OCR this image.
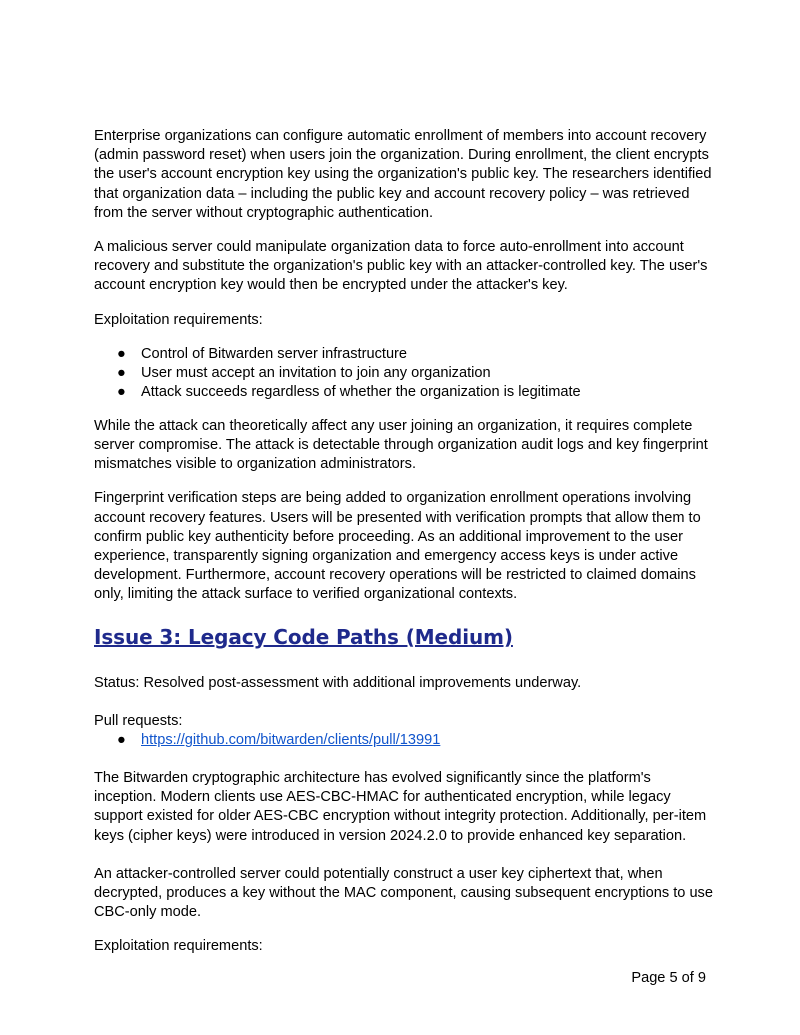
Enterprise organizations can configure automatic enrollment of members into account recovery (admin password reset) when users join the organization. During enrollment, the client encrypts the user's account encryption key using the organization's public key. The researchers identified that organization data – including the public key and account recovery policy – was retrieved from the server without cryptographic authentication.

A malicious server could manipulate organization data to force auto-enrollment into account recovery and substitute the organization's public key with an attacker-controlled key. The user's account encryption key would then be encrypted under the attacker's key.

Exploitation requirements:

● Control of Bitwarden server infrastructure
● User must accept an invitation to join any organization
● Attack succeeds regardless of whether the organization is legitimate

While the attack can theoretically affect any user joining an organization, it requires complete server compromise. The attack is detectable through organization audit logs and key fingerprint mismatches visible to organization administrators.

Fingerprint verification steps are being added to organization enrollment operations involving account recovery features. Users will be presented with verification prompts that allow them to confirm public key authenticity before proceeding. As an additional improvement to the user experience, transparently signing organization and emergency access keys is under active development. Furthermore, account recovery operations will be restricted to claimed domains only, limiting the attack surface to verified organizational contexts.

Issue 3: Legacy Code Paths (Medium)

Status: Resolved post-assessment with additional improvements underway.

Pull requests:

● https://github.com/bitwarden/clients/pull/13991

The Bitwarden cryptographic architecture has evolved significantly since the platform's inception. Modern clients use AES-CBC-HMAC for authenticated encryption, while legacy support existed for older AES-CBC encryption without integrity protection. Additionally, per-item keys (cipher keys) were introduced in version 2024.2.0 to provide enhanced key separation.

An attacker-controlled server could potentially construct a user key ciphertext that, when decrypted, produces a key without the MAC component, causing subsequent encryptions to use CBC-only mode.

Exploitation requirements:

Page 5 of 9
